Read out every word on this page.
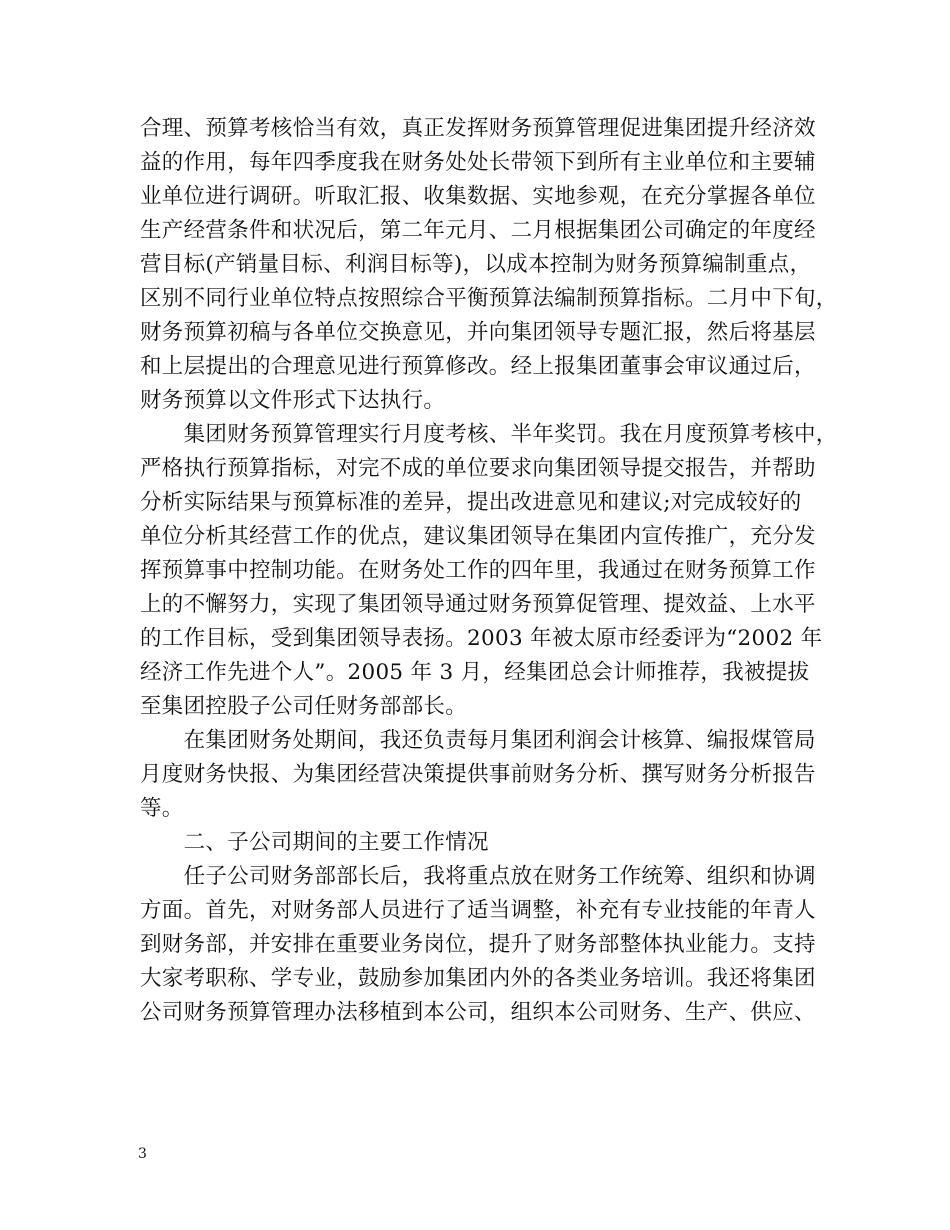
合理、预算考核恰当有效，真正发挥财务预算管理促进集团提升经济效
益的作用，每年四季度我在财务处处长带领下到所有主业单位和主要辅
业单位进行调研。听取汇报、收集数据、实地参观，在充分掌握各单位
生产经营条件和状况后，第二年元月、二月根据集团公司确定的年度经
营目标(产销量目标、利润目标等)，以成本控制为财务预算编制重点，
区别不同行业单位特点按照综合平衡预算法编制预算指标。二月中下旬，
财务预算初稿与各单位交换意见，并向集团领导专题汇报，然后将基层
和上层提出的合理意见进行预算修改。经上报集团董事会审议通过后，
财务预算以文件形式下达执行。
　　集团财务预算管理实行月度考核、半年奖罚。我在月度预算考核中，
严格执行预算指标，对完不成的单位要求向集团领导提交报告，并帮助
分析实际结果与预算标准的差异，提出改进意见和建议;对完成较好的
单位分析其经营工作的优点，建议集团领导在集团内宣传推广，充分发
挥预算事中控制功能。在财务处工作的四年里，我通过在财务预算工作
上的不懈努力，实现了集团领导通过财务预算促管理、提效益、上水平
的工作目标，受到集团领导表扬。2003 年被太原市经委评为“2002 年
经济工作先进个人”。2005 年 3 月，经集团总会计师推荐，我被提拔
至集团控股子公司任财务部部长。
　　在集团财务处期间，我还负责每月集团利润会计核算、编报煤管局
月度财务快报、为集团经营决策提供事前财务分析、撰写财务分析报告
等。
　　二、子公司期间的主要工作情况
　　任子公司财务部部长后，我将重点放在财务工作统筹、组织和协调
方面。首先，对财务部人员进行了适当调整，补充有专业技能的年青人
到财务部，并安排在重要业务岗位，提升了财务部整体执业能力。支持
大家考职称、学专业，鼓励参加集团内外的各类业务培训。我还将集团
公司财务预算管理办法移植到本公司，组织本公司财务、生产、供应、
3
